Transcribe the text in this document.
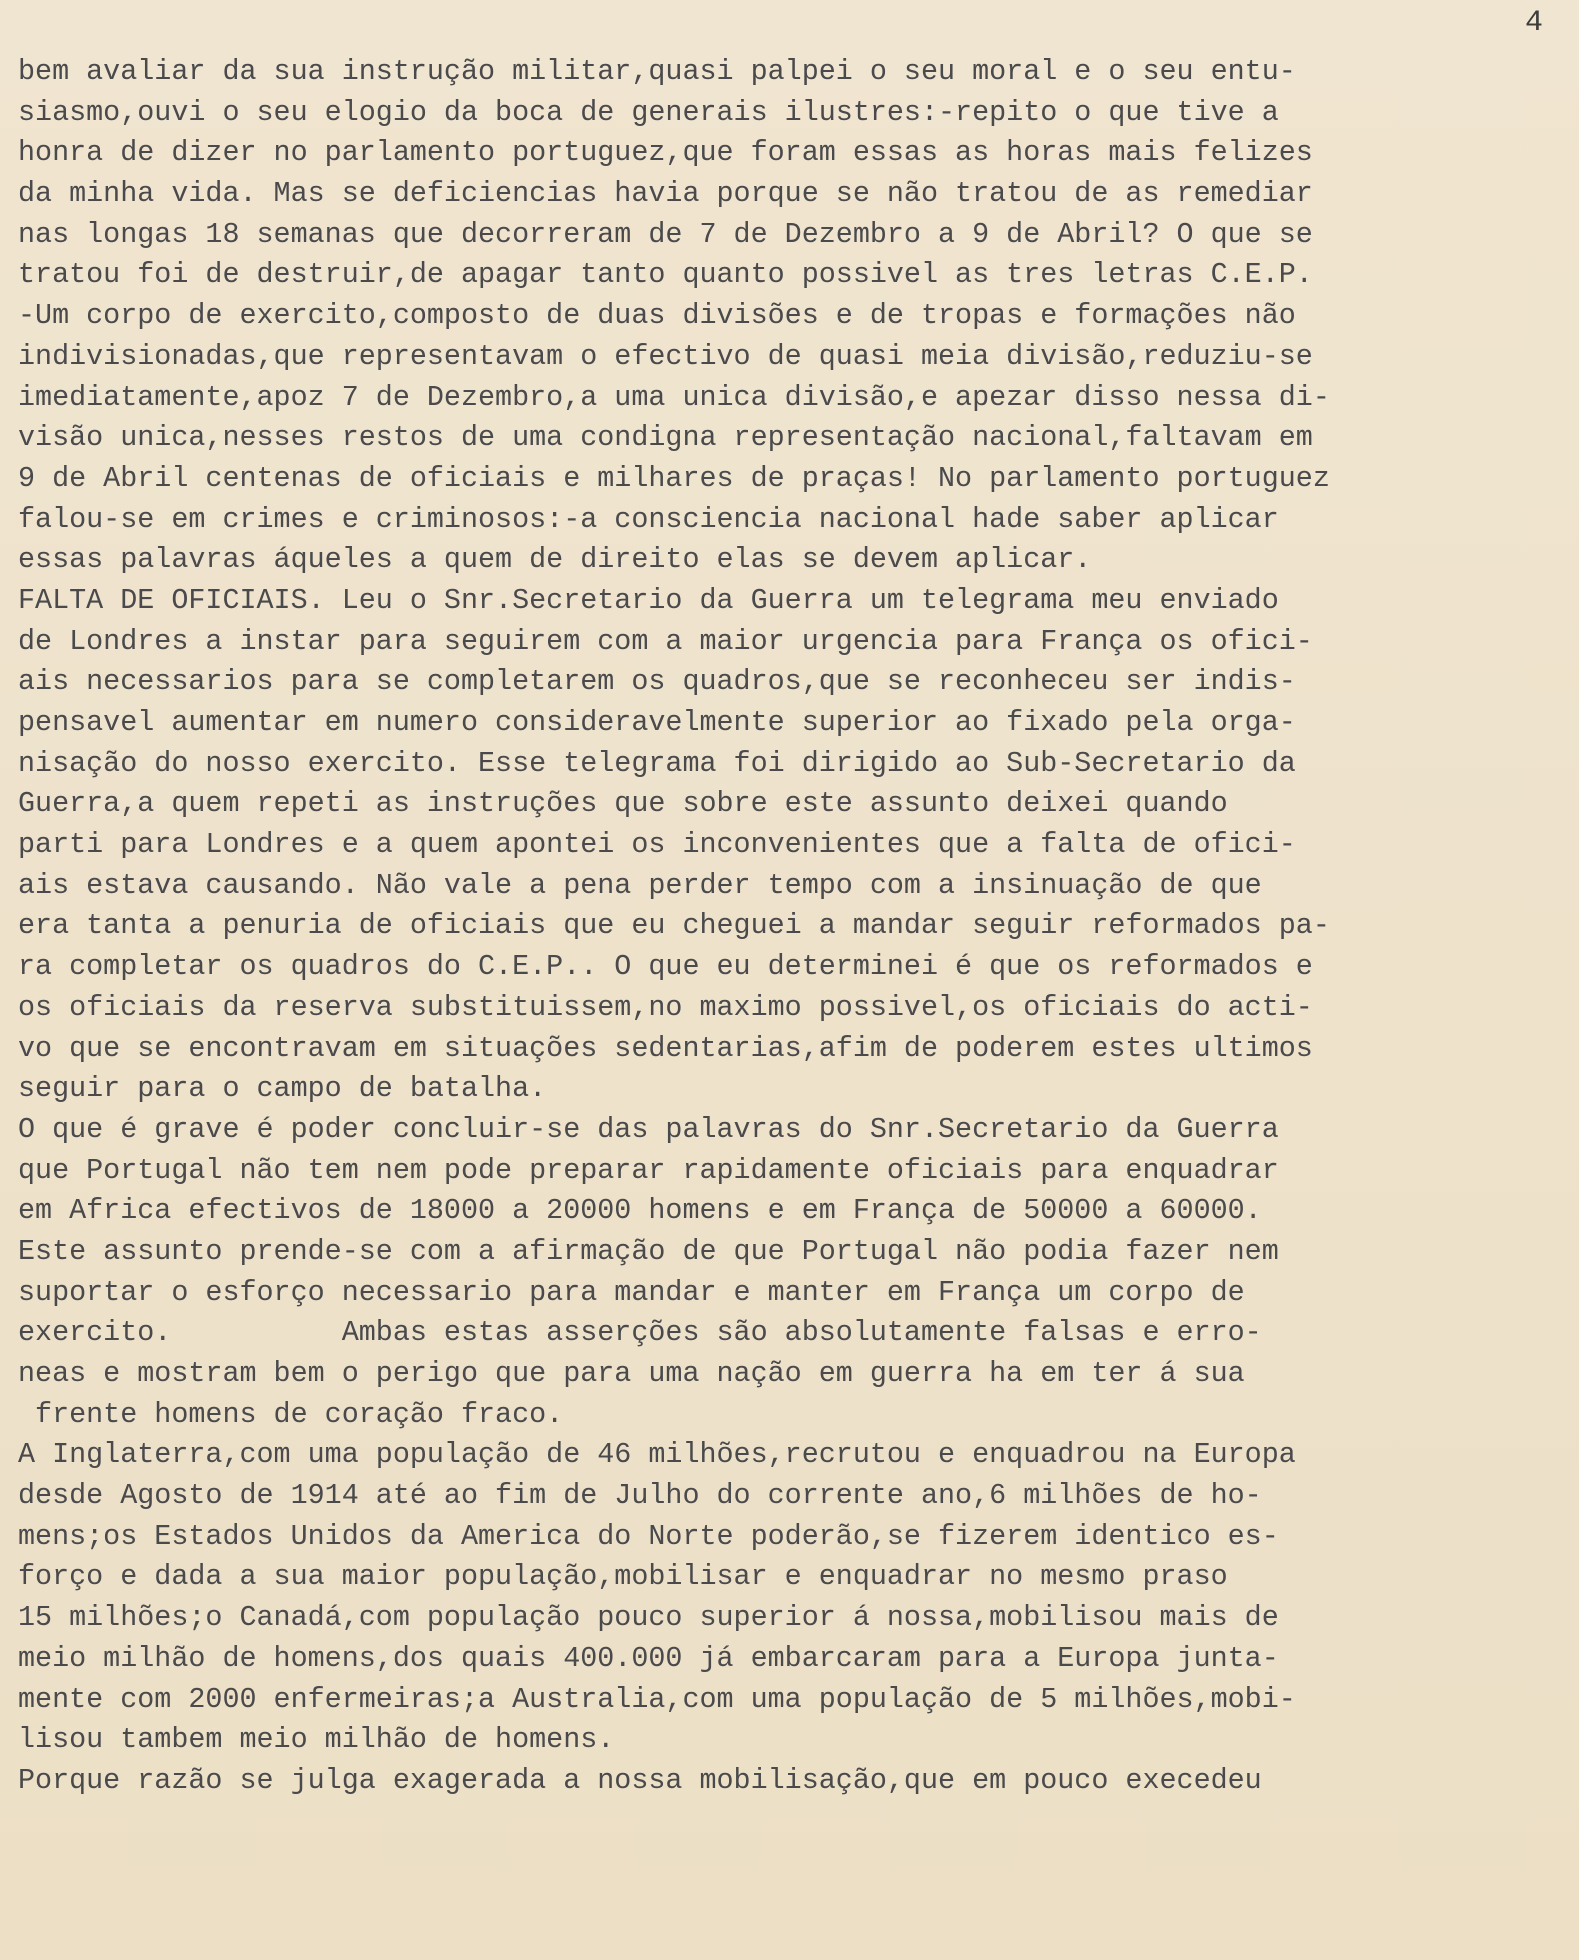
4
bem avaliar da sua instrução militar,quasi palpei o seu moral e o seu entu-
siasmo,ouvi o seu elogio da boca de generais ilustres:-repito o que tive a
honra de dizer no parlamento portuguez,que foram essas as horas mais felizes
da minha vida. Mas se deficiencias havia porque se não tratou de as remediar
nas longas 18 semanas que decorreram de 7 de Dezembro a 9 de Abril? O que se
tratou foi de destruir,de apagar tanto quanto possivel as tres letras C.E.P.
-Um corpo de exercito,composto de duas divisões e de tropas e formações não
indivisionadas,que representavam o efectivo de quasi meia divisão,reduziu-se
imediatamente,apoz 7 de Dezembro,a uma unica divisão,e apezar disso nessa di-
visão unica,nesses restos de uma condigna representação nacional,faltavam em
9 de Abril centenas de oficiais e milhares de praças! No parlamento portuguez
falou-se em crimes e criminosos:-a consciencia nacional hade saber aplicar
essas palavras áqueles a quem de direito elas se devem aplicar.
FALTA DE OFICIAIS. Leu o Snr.Secretario da Guerra um telegrama meu enviado
de Londres a instar para seguirem com a maior urgencia para França os ofici-
ais necessarios para se completarem os quadros,que se reconheceu ser indis-
pensavel aumentar em numero consideravelmente superior ao fixado pela orga-
nisação do nosso exercito. Esse telegrama foi dirigido ao Sub-Secretario da
Guerra,a quem repeti as instruções que sobre este assunto deixei quando
parti para Londres e a quem apontei os inconvenientes que a falta de ofici-
ais estava causando. Não vale a pena perder tempo com a insinuação de que
era tanta a penuria de oficiais que eu cheguei a mandar seguir reformados pa-
ra completar os quadros do C.E.P.. O que eu determinei é que os reformados e
os oficiais da reserva substituissem,no maximo possivel,os oficiais do acti-
vo que se encontravam em situações sedentarias,afim de poderem estes ultimos
seguir para o campo de batalha.
O que é grave é poder concluir-se das palavras do Snr.Secretario da Guerra
que Portugal não tem nem pode preparar rapidamente oficiais para enquadrar
em Africa efectivos de 18000 a 20000 homens e em França de 50000 a 60000.
Este assunto prende-se com a afirmação de que Portugal não podia fazer nem
suportar o esforço necessario para mandar e manter em França um corpo de
exercito.          Ambas estas asserções são absolutamente falsas e erro-
neas e mostram bem o perigo que para uma nação em guerra ha em ter á sua
frente homens de coração fraco.
A Inglaterra,com uma população de 46 milhões,recrutou e enquadrou na Europa
desde Agosto de 1914 até ao fim de Julho do corrente ano,6 milhões de ho-
mens;os Estados Unidos da America do Norte poderão,se fizerem identico es-
forço e dada a sua maior população,mobilisar e enquadrar no mesmo praso
15 milhões;o Canadá,com população pouco superior á nossa,mobilisou mais de
meio milhão de homens,dos quais 400.000 já embarcaram para a Europa junta-
mente com 2000 enfermeiras;a Australia,com uma população de 5 milhões,mobi-
lisou tambem meio milhão de homens.
Porque razão se julga exagerada a nossa mobilisação,que em pouco execedeu
